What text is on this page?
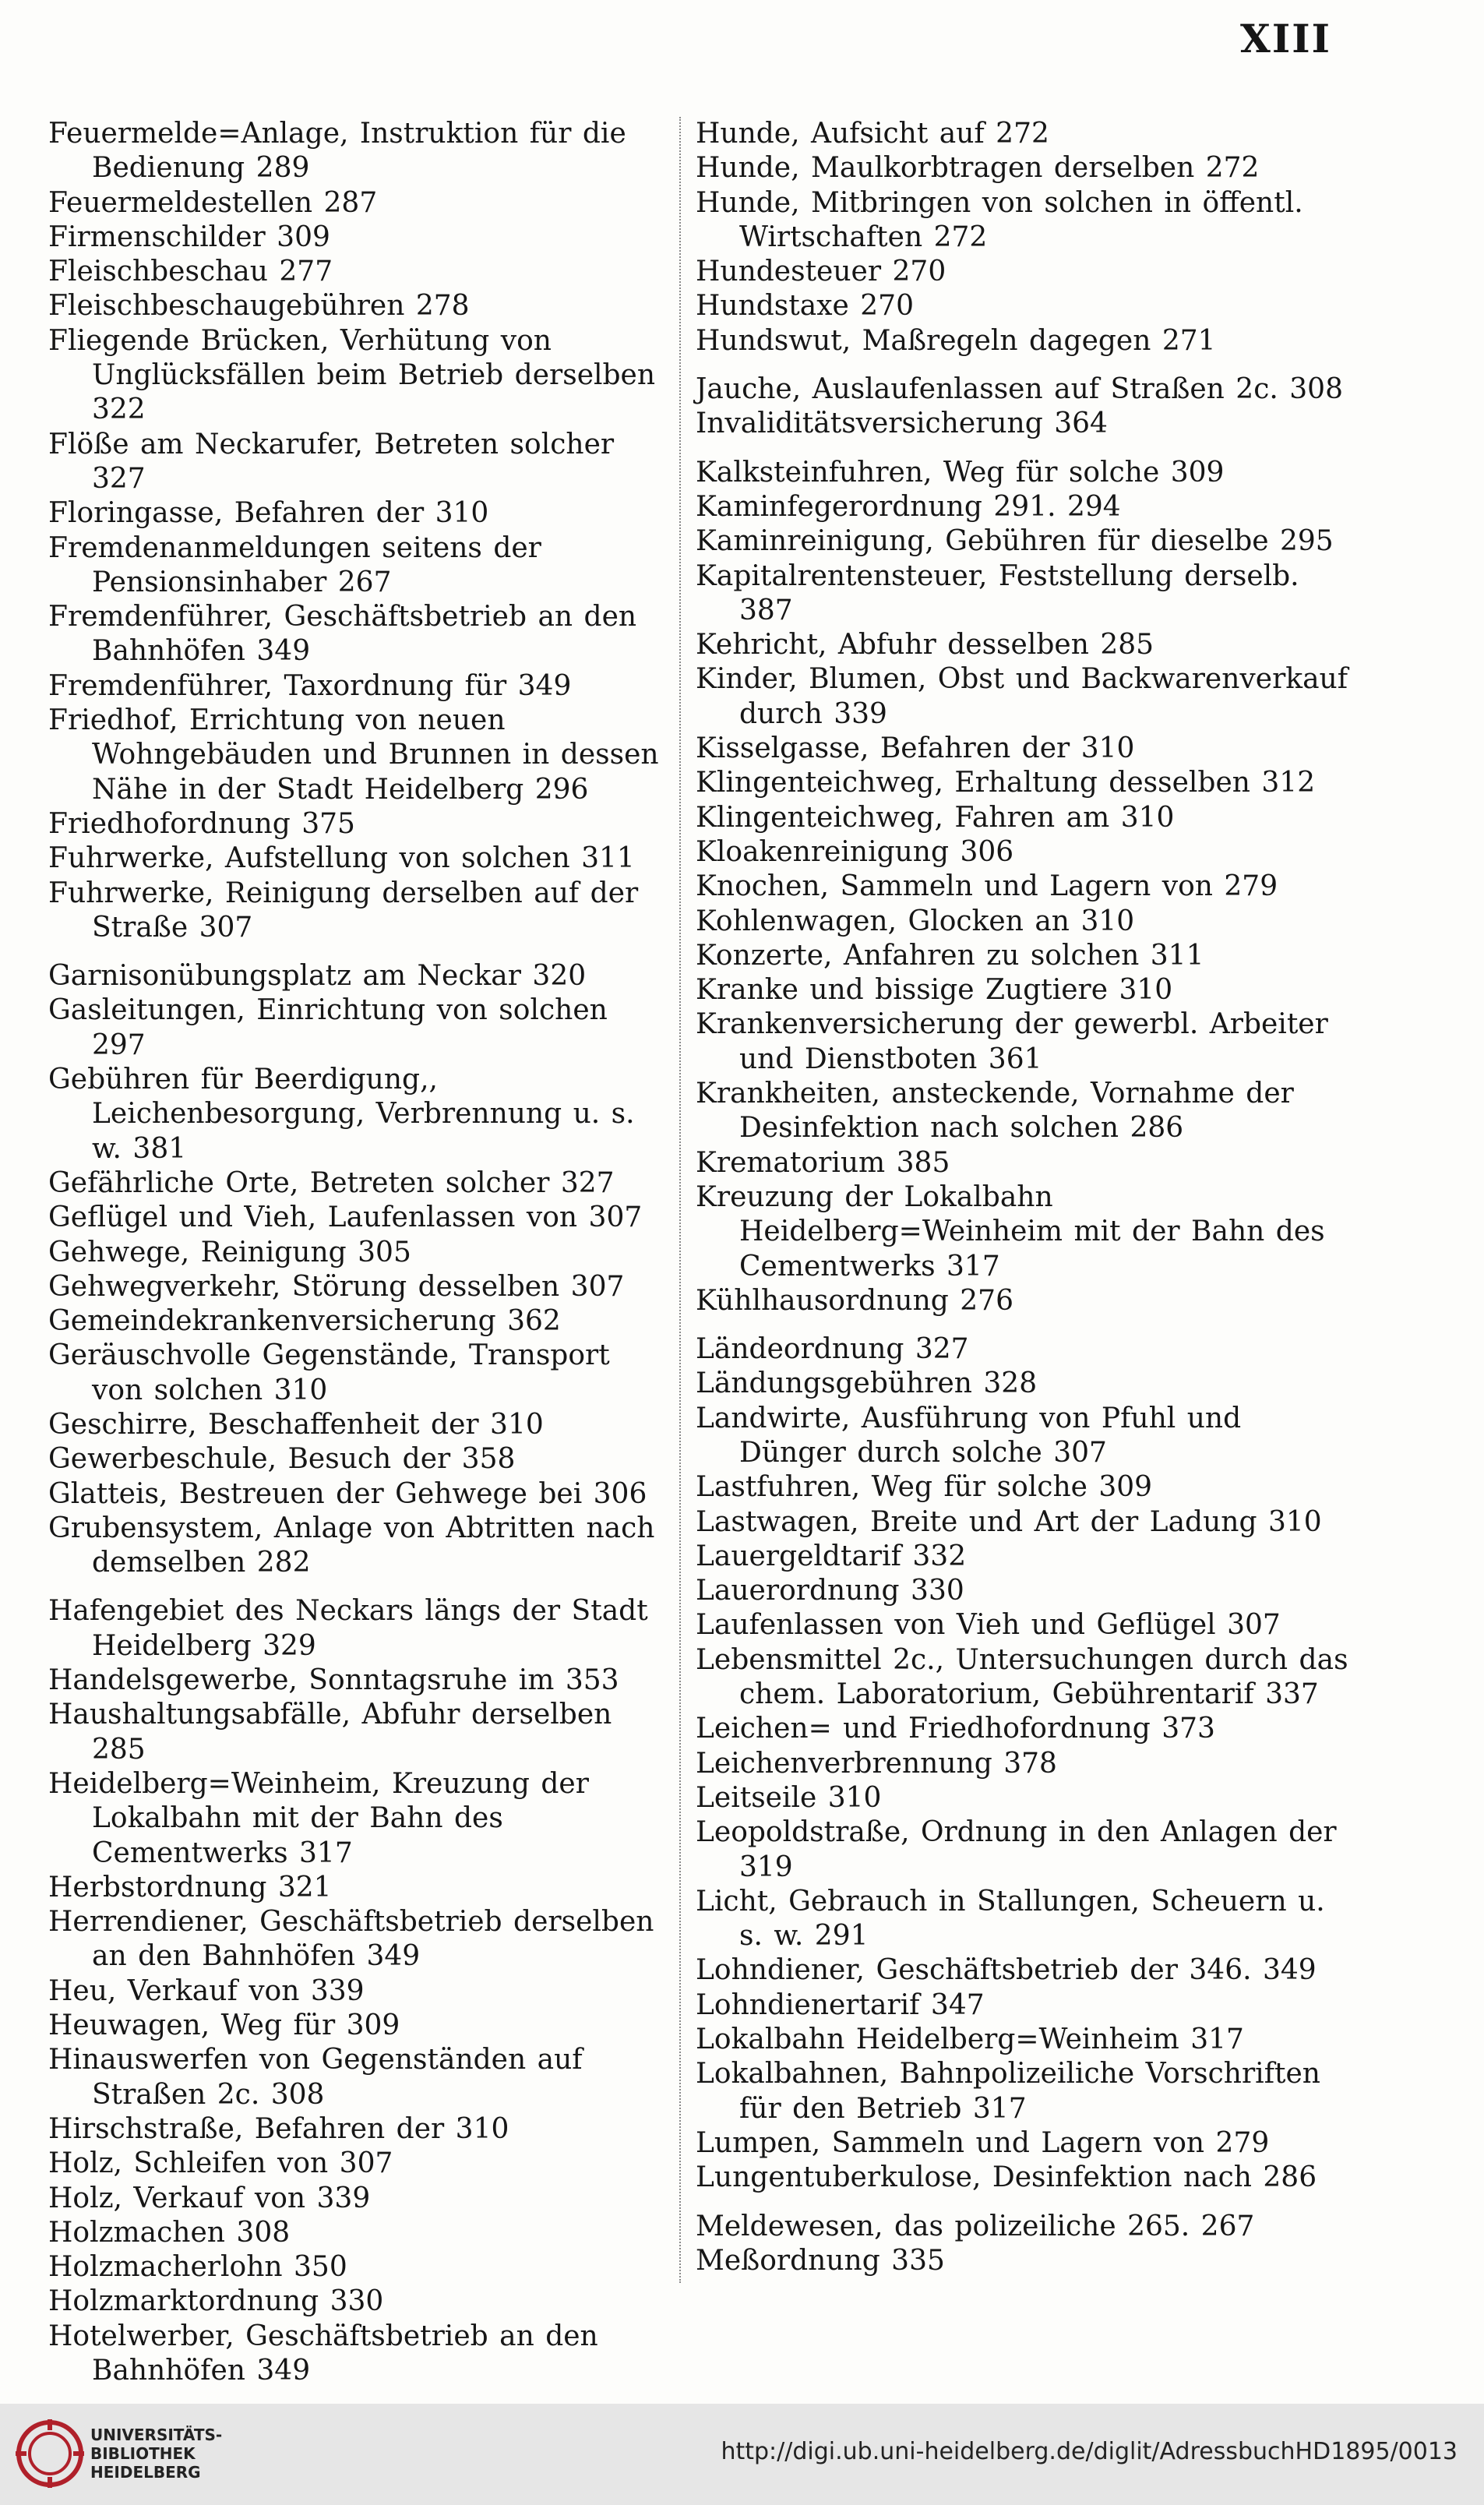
XIII
Feuermelde=Anlage, Instruktion für die Bedienung 289
Feuermeldestellen 287
Firmenschilder 309
Fleischbeschau 277
Fleischbeschaugebühren 278
Fliegende Brücken, Verhütung von Unglücksfällen beim Betrieb derselben 322
Flöße am Neckarufer, Betreten solcher 327
Floringasse, Befahren der 310
Fremdenanmeldungen seitens der Pensionsinhaber 267
Fremdenführer, Geschäftsbetrieb an den Bahnhöfen 349
Fremdenführer, Taxordnung für 349
Friedhof, Errichtung von neuen Wohngebäuden und Brunnen in dessen Nähe in der Stadt Heidelberg 296
Friedhofordnung 375
Fuhrwerke, Aufstellung von solchen 311
Fuhrwerke, Reinigung derselben auf der Straße 307
Garnisonübungsplatz am Neckar 320
Gasleitungen, Einrichtung von solchen 297
Gebühren für Beerdigung,, Leichenbesorgung, Verbrennung u. s. w. 381
Gefährliche Orte, Betreten solcher 327
Geflügel und Vieh, Laufenlassen von 307
Gehwege, Reinigung 305
Gehwegverkehr, Störung desselben 307
Gemeindekrankenversicherung 362
Geräuschvolle Gegenstände, Transport von solchen 310
Geschirre, Beschaffenheit der 310
Gewerbeschule, Besuch der 358
Glatteis, Bestreuen der Gehwege bei 306
Grubensystem, Anlage von Abtritten nach demselben 282
Hafengebiet des Neckars längs der Stadt Heidelberg 329
Handelsgewerbe, Sonntagsruhe im 353
Haushaltungsabfälle, Abfuhr derselben 285
Heidelberg=Weinheim, Kreuzung der Lokalbahn mit der Bahn des Cementwerks 317
Herbstordnung 321
Herrendiener, Geschäftsbetrieb derselben an den Bahnhöfen 349
Heu, Verkauf von 339
Heuwagen, Weg für 309
Hinauswerfen von Gegenständen auf Straßen 2c. 308
Hirschstraße, Befahren der 310
Holz, Schleifen von 307
Holz, Verkauf von 339
Holzmachen 308
Holzmacherlohn 350
Holzmarktordnung 330
Hotelwerber, Geschäftsbetrieb an den Bahnhöfen 349
Hunde, Aufsicht auf 272
Hunde, Maulkorbtragen derselben 272
Hunde, Mitbringen von solchen in öffentl. Wirtschaften 272
Hundesteuer 270
Hundstaxe 270
Hundswut, Maßregeln dagegen 271
Jauche, Auslaufenlassen auf Straßen 2c. 308
Invaliditätsversicherung 364
Kalksteinfuhren, Weg für solche 309
Kaminfegerordnung 291. 294
Kaminreinigung, Gebühren für dieselbe 295
Kapitalrentensteuer, Feststellung derselb. 387
Kehricht, Abfuhr desselben 285
Kinder, Blumen, Obst und Backwarenverkauf durch 339
Kisselgasse, Befahren der 310
Klingenteichweg, Erhaltung desselben 312
Klingenteichweg, Fahren am 310
Kloakenreinigung 306
Knochen, Sammeln und Lagern von 279
Kohlenwagen, Glocken an 310
Konzerte, Anfahren zu solchen 311
Kranke und bissige Zugtiere 310
Krankenversicherung der gewerbl. Arbeiter und Dienstboten 361
Krankheiten, ansteckende, Vornahme der Desinfektion nach solchen 286
Krematorium 385
Kreuzung der Lokalbahn Heidelberg=Weinheim mit der Bahn des Cementwerks 317
Kühlhausordnung 276
Ländeordnung 327
Ländungsgebühren 328
Landwirte, Ausführung von Pfuhl und Dünger durch solche 307
Lastfuhren, Weg für solche 309
Lastwagen, Breite und Art der Ladung 310
Lauergeldtarif 332
Lauerordnung 330
Laufenlassen von Vieh und Geflügel 307
Lebensmittel 2c., Untersuchungen durch das chem. Laboratorium, Gebührentarif 337
Leichen= und Friedhofordnung 373
Leichenverbrennung 378
Leitseile 310
Leopoldstraße, Ordnung in den Anlagen der 319
Licht, Gebrauch in Stallungen, Scheuern u. s. w. 291
Lohndiener, Geschäftsbetrieb der 346. 349
Lohndienertarif 347
Lokalbahn Heidelberg=Weinheim 317
Lokalbahnen, Bahnpolizeiliche Vorschriften für den Betrieb 317
Lumpen, Sammeln und Lagern von 279
Lungentuberkulose, Desinfektion nach 286
Meldewesen, das polizeiliche 265. 267
Meßordnung 335
UNIVERSITÄTS-
BIBLIOTHEK
HEIDELBERG
http://digi.ub.uni-heidelberg.de/diglit/AdressbuchHD1895/0013
